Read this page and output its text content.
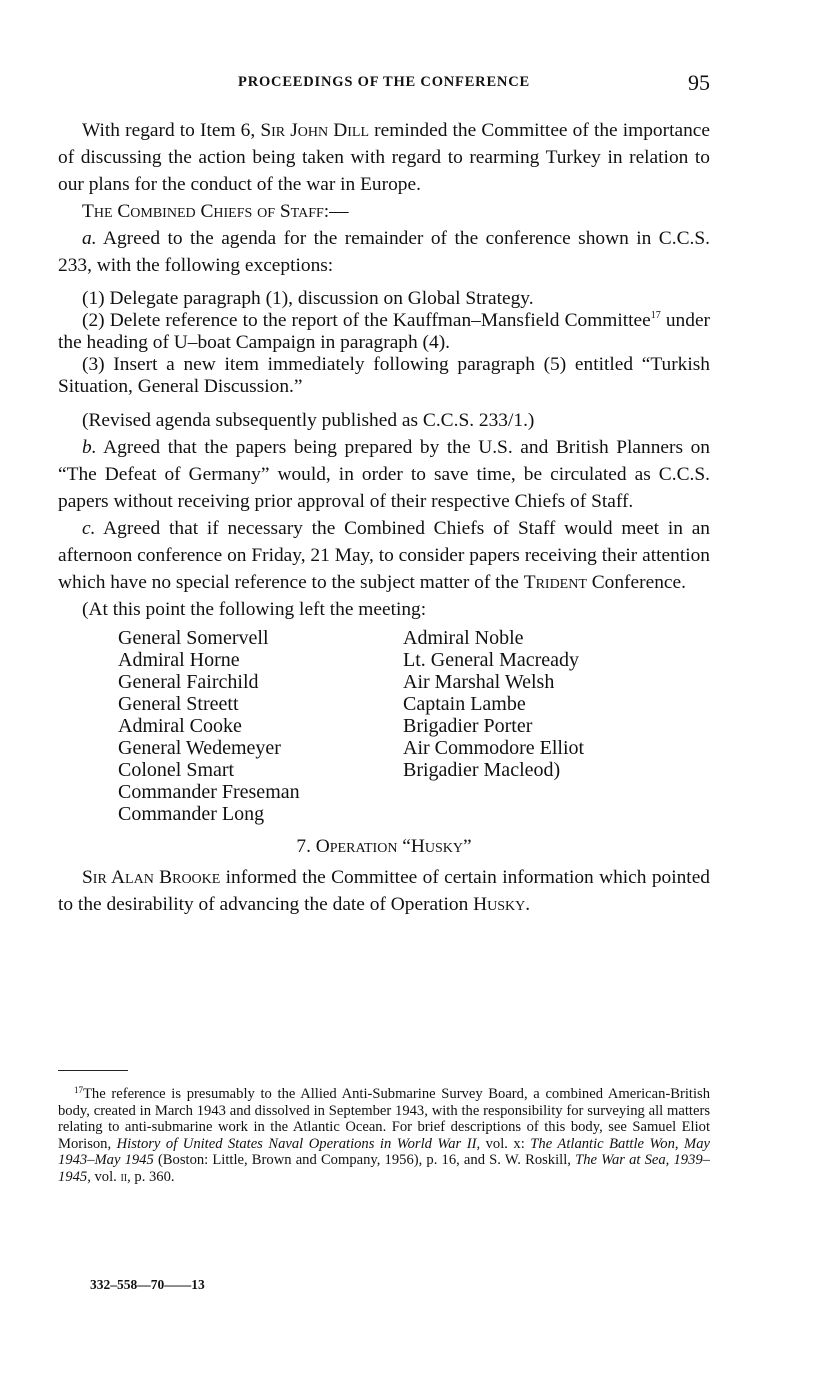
PROCEEDINGS OF THE CONFERENCE	95

With regard to Item 6, Sir John Dill reminded the Committee of the importance of discussing the action being taken with regard to rearming Turkey in relation to our plans for the conduct of the war in Europe.

The Combined Chiefs of Staff:—

a. Agreed to the agenda for the remainder of the conference shown in C.C.S. 233, with the following exceptions:

(1) Delegate paragraph (1), discussion on Global Strategy.

(2) Delete reference to the report of the Kauffman–Mansfield Committee$^{17}$ under the heading of U–boat Campaign in paragraph (4).

(3) Insert a new item immediately following paragraph (5) entitled “Turkish Situation, General Discussion.”

(Revised agenda subsequently published as C.C.S. 233/1.)

b. Agreed that the papers being prepared by the U.S. and British Planners on “The Defeat of Germany” would, in order to save time, be circulated as C.C.S. papers without receiving prior approval of their respective Chiefs of Staff.

c. Agreed that if necessary the Combined Chiefs of Staff would meet in an afternoon conference on Friday, 21 May, to consider papers receiving their attention which have no special reference to the subject matter of the Trident Conference.

(At this point the following left the meeting:

General Somervell
Admiral Horne
General Fairchild
General Streett
Admiral Cooke
General Wedemeyer
Colonel Smart
Commander Freseman
Commander Long
Admiral Noble
Lt. General Macready
Air Marshal Welsh
Captain Lambe
Brigadier Porter
Air Commodore Elliot
Brigadier Macleod)

7. Operation “Husky”

Sir Alan Brooke informed the Committee of certain information which pointed to the desirability of advancing the date of Operation Husky.

$^{17}$The reference is presumably to the Allied Anti-Submarine Survey Board, a combined American-British body, created in March 1943 and dissolved in September 1943, with the responsibility for surveying all matters relating to anti-submarine work in the Atlantic Ocean. For brief descriptions of this body, see Samuel Eliot Morison, History of United States Naval Operations in World War II, vol. x: The Atlantic Battle Won, May 1943–May 1945 (Boston: Little, Brown and Company, 1956), p. 16, and S. W. Roskill, The War at Sea, 1939–1945, vol. ii, p. 360.
332–558—70——13
